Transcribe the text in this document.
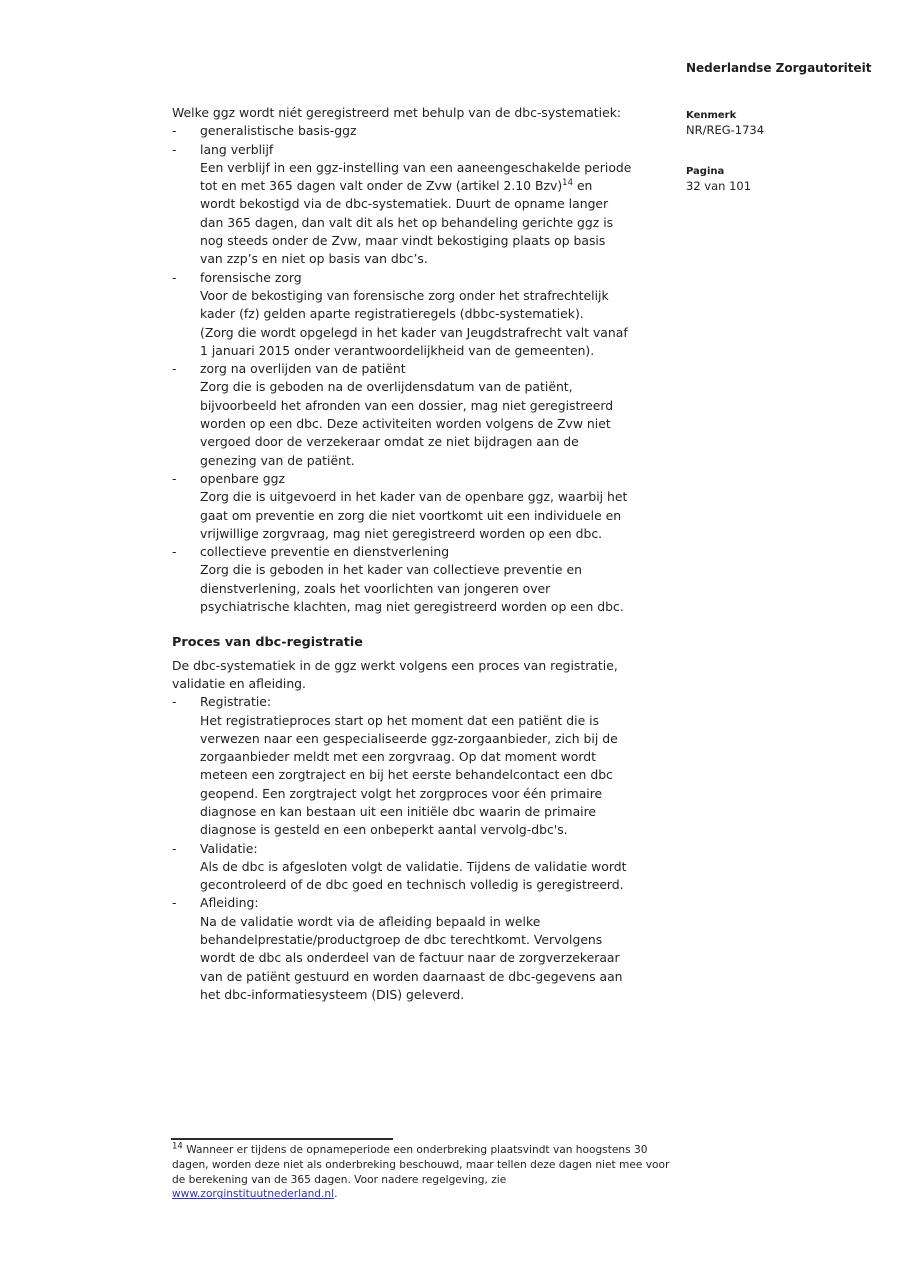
Nederlandse Zorgautoriteit
Kenmerk
NR/REG-1734
Pagina
32 van 101
Welke ggz wordt niét geregistreerd met behulp van de dbc-systematiek:
- generalistische basis-ggz
- lang verblijf
Een verblijf in een ggz-instelling van een aaneengeschakelde periode
tot en met 365 dagen valt onder de Zvw (artikel 2.10 Bzv)$^{14}$ en
wordt bekostigd via de dbc-systematiek. Duurt de opname langer
dan 365 dagen, dan valt dit als het op behandeling gerichte ggz is
nog steeds onder de Zvw, maar vindt bekostiging plaats op basis
van zzp’s en niet op basis van dbc’s.
- forensische zorg
Voor de bekostiging van forensische zorg onder het strafrechtelijk
kader (fz) gelden aparte registratieregels (dbbc-systematiek).
(Zorg die wordt opgelegd in het kader van Jeugdstrafrecht valt vanaf
1 januari 2015 onder verantwoordelijkheid van de gemeenten).
- zorg na overlijden van de patiënt
Zorg die is geboden na de overlijdensdatum van de patiënt,
bijvoorbeeld het afronden van een dossier, mag niet geregistreerd
worden op een dbc. Deze activiteiten worden volgens de Zvw niet
vergoed door de verzekeraar omdat ze niet bijdragen aan de
genezing van de patiënt.
- openbare ggz
Zorg die is uitgevoerd in het kader van de openbare ggz, waarbij het
gaat om preventie en zorg die niet voortkomt uit een individuele en
vrijwillige zorgvraag, mag niet geregistreerd worden op een dbc.
- collectieve preventie en dienstverlening
Zorg die is geboden in het kader van collectieve preventie en
dienstverlening, zoals het voorlichten van jongeren over
psychiatrische klachten, mag niet geregistreerd worden op een dbc.
Proces van dbc-registratie
De dbc-systematiek in de ggz werkt volgens een proces van registratie,
validatie en afleiding.
- Registratie:
Het registratieproces start op het moment dat een patiënt die is
verwezen naar een gespecialiseerde ggz-zorgaanbieder, zich bij de
zorgaanbieder meldt met een zorgvraag. Op dat moment wordt
meteen een zorgtraject en bij het eerste behandelcontact een dbc
geopend. Een zorgtraject volgt het zorgproces voor één primaire
diagnose en kan bestaan uit een initiële dbc waarin de primaire
diagnose is gesteld en een onbeperkt aantal vervolg-dbc's.
- Validatie:
Als de dbc is afgesloten volgt de validatie. Tijdens de validatie wordt
gecontroleerd of de dbc goed en technisch volledig is geregistreerd.
- Afleiding:
Na de validatie wordt via de afleiding bepaald in welke
behandelprestatie/productgroep de dbc terechtkomt. Vervolgens
wordt de dbc als onderdeel van de factuur naar de zorgverzekeraar
van de patiënt gestuurd en worden daarnaast de dbc-gegevens aan
het dbc-informatiesysteem (DIS) geleverd.
$^{14}$ Wanneer er tijdens de opnameperiode een onderbreking plaatsvindt van hoogstens 30
dagen, worden deze niet als onderbreking beschouwd, maar tellen deze dagen niet mee voor
de berekening van de 365 dagen. Voor nadere regelgeving, zie
www.zorginstituutnederland.nl.
